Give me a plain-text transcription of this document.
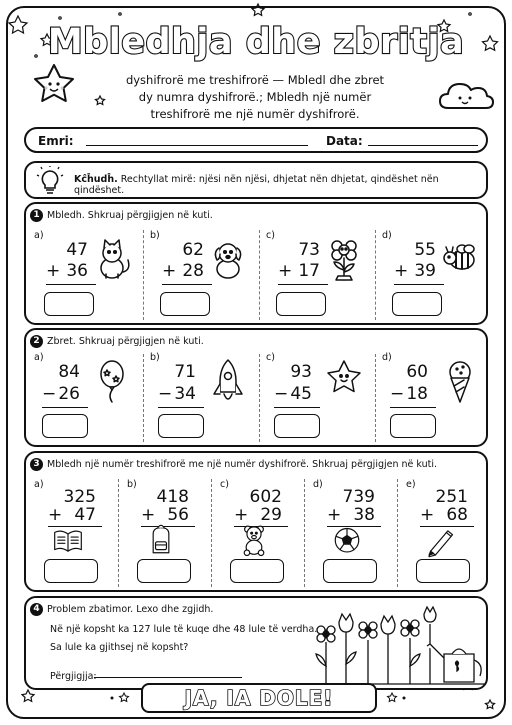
Mbledhja dhe zbritja
dyshifrorë me treshifrorë — Mbledl dhe zbret
dy numra dyshifrorë.; Mbledh një numër
treshifrorë me një numër dyshifrorë.
Emri:	Data:
Kĉĥudĥ. Rechtyllat mirë: njësi nën njësi, dhjetat nën dhjetat, qindëshet nën qindëshet.
1 Mbledh. Shkruaj përgjigjen në kuti.
a)
47
+ 36
b)
62
+ 28
c)
73
+ 17
d)
55
+ 39
2 Zbret. Shkruaj përgjigjen në kuti.
a)
84
− 26
b)
71
− 34
c)
93
− 45
d)
60
− 18
3 Mbledh një numër treshifrorë me një numër dyshifrorë. Shkruaj përgjigjen në kuti.
a)
325
+ 47
b)
418
+ 56
c)
602
+ 29
d)
739
+ 38
e)
251
+ 68
4 Problem zbatimor. Lexo dhe zgjidh.
Në një kopsht ka 127 lule të kuqe dhe 48 lule të verdha.
Sa lule ka gjithsej në kopsht?
Përgjigjja:
JA, IA DOLE!
